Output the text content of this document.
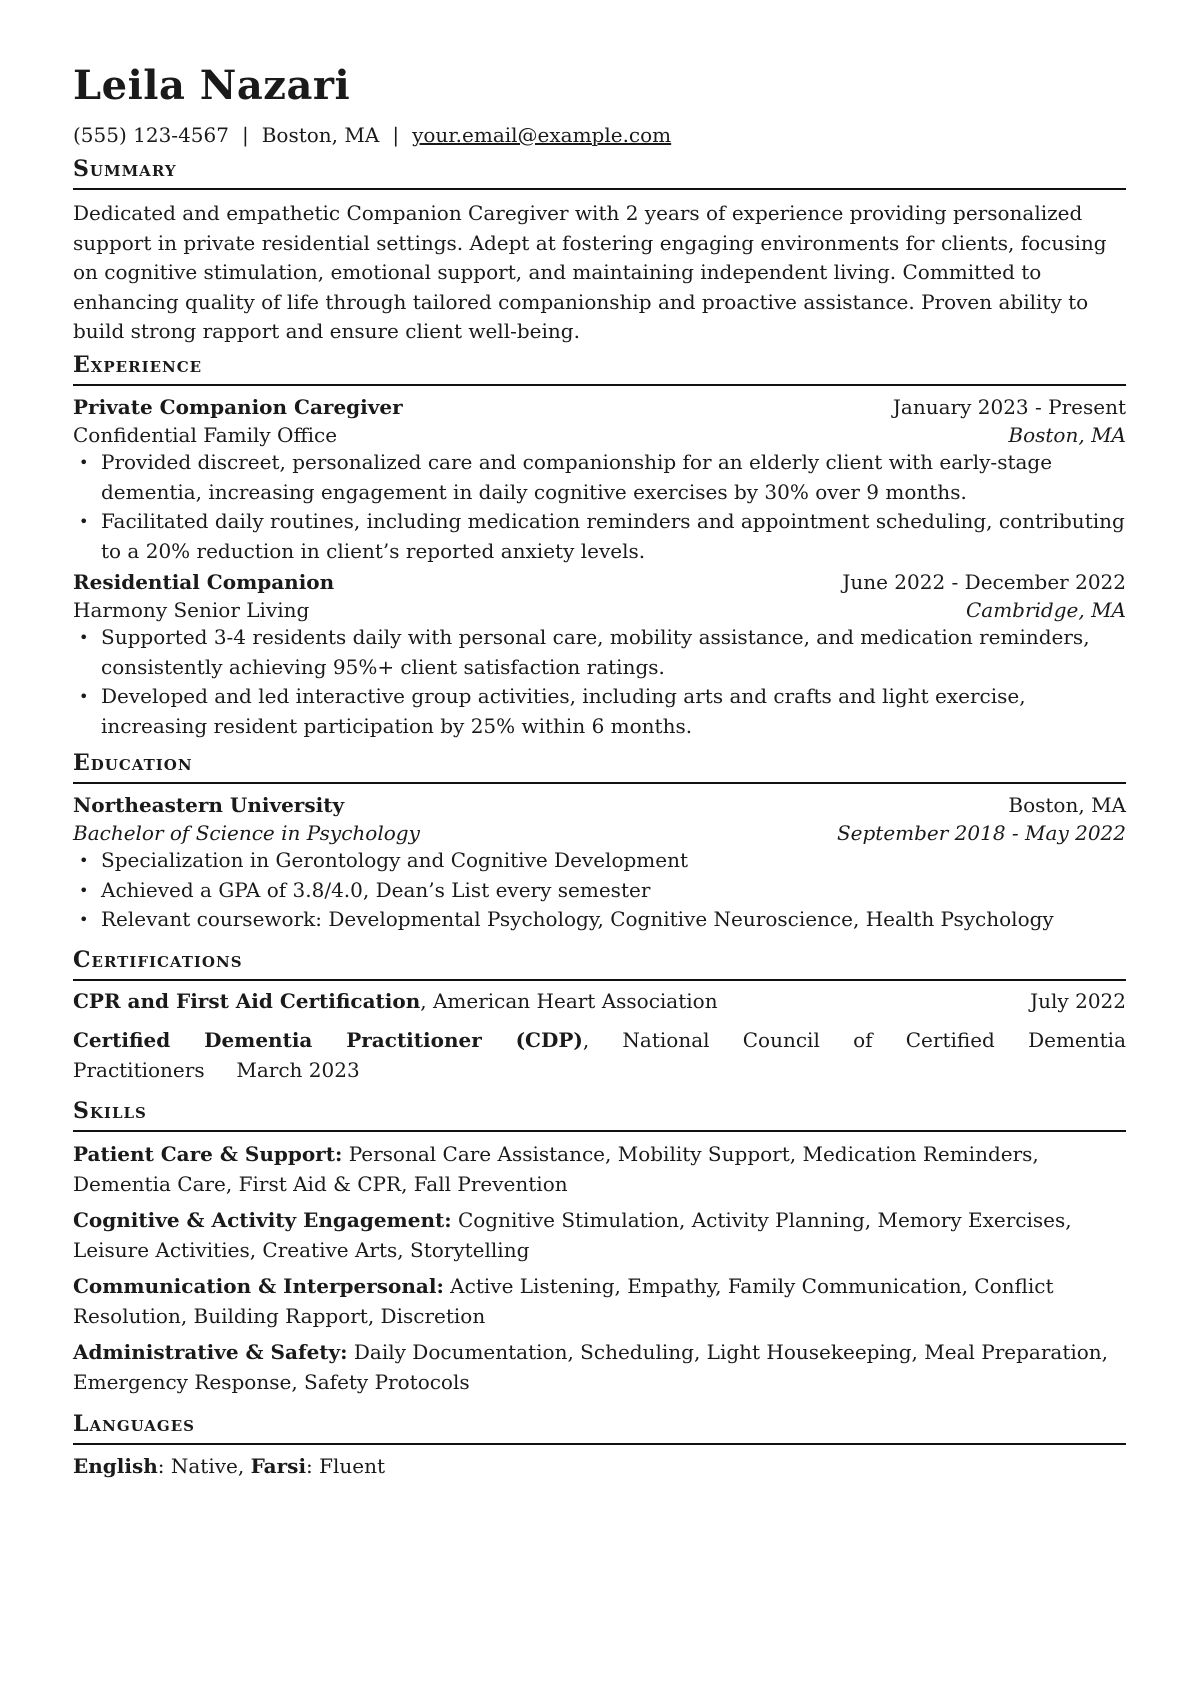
Leila Nazari
(555) 123-4567 | Boston, MA | your.email@example.com
Summary

Dedicated and empathetic Companion Caregiver with 2 years of experience providing personalized support in private residential settings. Adept at fostering engaging environments for clients, focusing on cognitive stimulation, emotional support, and maintaining independent living. Committed to enhancing quality of life through tailored companionship and proactive assistance. Proven ability to build strong rapport and ensure client well-being.

Experience
Private Companion Caregiver	January 2023 - Present
Confidential Family Office	Boston, MA
• Provided discreet, personalized care and companionship for an elderly client with early-stage dementia, increasing engagement in daily cognitive exercises by 30% over 9 months.
• Facilitated daily routines, including medication reminders and appointment scheduling, contributing to a 20% reduction in client’s reported anxiety levels.
Residential Companion	June 2022 - December 2022
Harmony Senior Living	Cambridge, MA
• Supported 3-4 residents daily with personal care, mobility assistance, and medication reminders, consistently achieving 95%+ client satisfaction ratings.
• Developed and led interactive group activities, including arts and crafts and light exercise, increasing resident participation by 25% within 6 months.
Education
Northeastern University	Boston, MA
Bachelor of Science in Psychology	September 2018 - May 2022
• Specialization in Gerontology and Cognitive Development
• Achieved a GPA of 3.8/4.0, Dean’s List every semester
• Relevant coursework: Developmental Psychology, Cognitive Neuroscience, Health Psychology
Certifications
CPR and First Aid Certification, American Heart Association	July 2022

Certified Dementia Practitioner (CDP), National Council of Certified Dementia Practitioners March 2023

Skills

Patient Care & Support: Personal Care Assistance, Mobility Support, Medication Reminders, Dementia Care, First Aid & CPR, Fall Prevention

Cognitive & Activity Engagement: Cognitive Stimulation, Activity Planning, Memory Exercises, Leisure Activities, Creative Arts, Storytelling

Communication & Interpersonal: Active Listening, Empathy, Family Communication, Conflict Resolution, Building Rapport, Discretion

Administrative & Safety: Daily Documentation, Scheduling, Light Housekeeping, Meal Preparation, Emergency Response, Safety Protocols

Languages

English: Native, Farsi: Fluent
